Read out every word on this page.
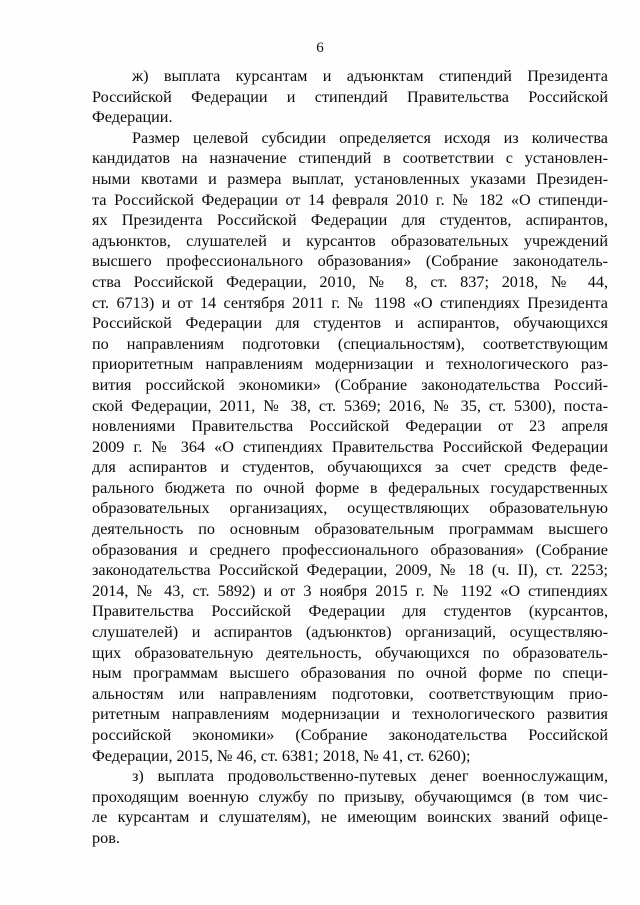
6
ж) выплата курсантам и адъюнктам стипендий Президента
Российской Федерации и стипендий Правительства Российской
Федерации.
Размер целевой субсидии определяется исходя из количества
кандидатов на назначение стипендий в соответствии с установлен-
ными квотами и размера выплат, установленных указами Президен-
та Российской Федерации от 14 февраля 2010 г. № 182 «О стипенди-
ях Президента Российской Федерации для студентов, аспирантов,
адъюнктов, слушателей и курсантов образовательных учреждений
высшего профессионального образования» (Собрание законодатель-
ства Российской Федерации, 2010, № 8, ст. 837; 2018, № 44,
ст. 6713) и от 14 сентября 2011 г. № 1198 «О стипендиях Президента
Российской Федерации для студентов и аспирантов, обучающихся
по направлениям подготовки (специальностям), соответствующим
приоритетным направлениям модернизации и технологического раз-
вития российской экономики» (Собрание законодательства Россий-
ской Федерации, 2011, № 38, ст. 5369; 2016, № 35, ст. 5300), поста-
новлениями Правительства Российской Федерации от 23 апреля
2009 г. № 364 «О стипендиях Правительства Российской Федерации
для аспирантов и студентов, обучающихся за счет средств феде-
рального бюджета по очной форме в федеральных государственных
образовательных организациях, осуществляющих образовательную
деятельность по основным образовательным программам высшего
образования и среднего профессионального образования» (Собрание
законодательства Российской Федерации, 2009, № 18 (ч. II), ст. 2253;
2014, № 43, ст. 5892) и от 3 ноября 2015 г. № 1192 «О стипендиях
Правительства Российской Федерации для студентов (курсантов,
слушателей) и аспирантов (адъюнктов) организаций, осуществляю-
щих образовательную деятельность, обучающихся по образователь-
ным программам высшего образования по очной форме по специ-
альностям или направлениям подготовки, соответствующим прио-
ритетным направлениям модернизации и технологического развития
российской экономики» (Собрание законодательства Российской
Федерации, 2015, № 46, ст. 6381; 2018, № 41, ст. 6260);
з) выплата продовольственно-путевых денег военнослужащим,
проходящим военную службу по призыву, обучающимся (в том чис-
ле курсантам и слушателям), не имеющим воинских званий офице-
ров.
